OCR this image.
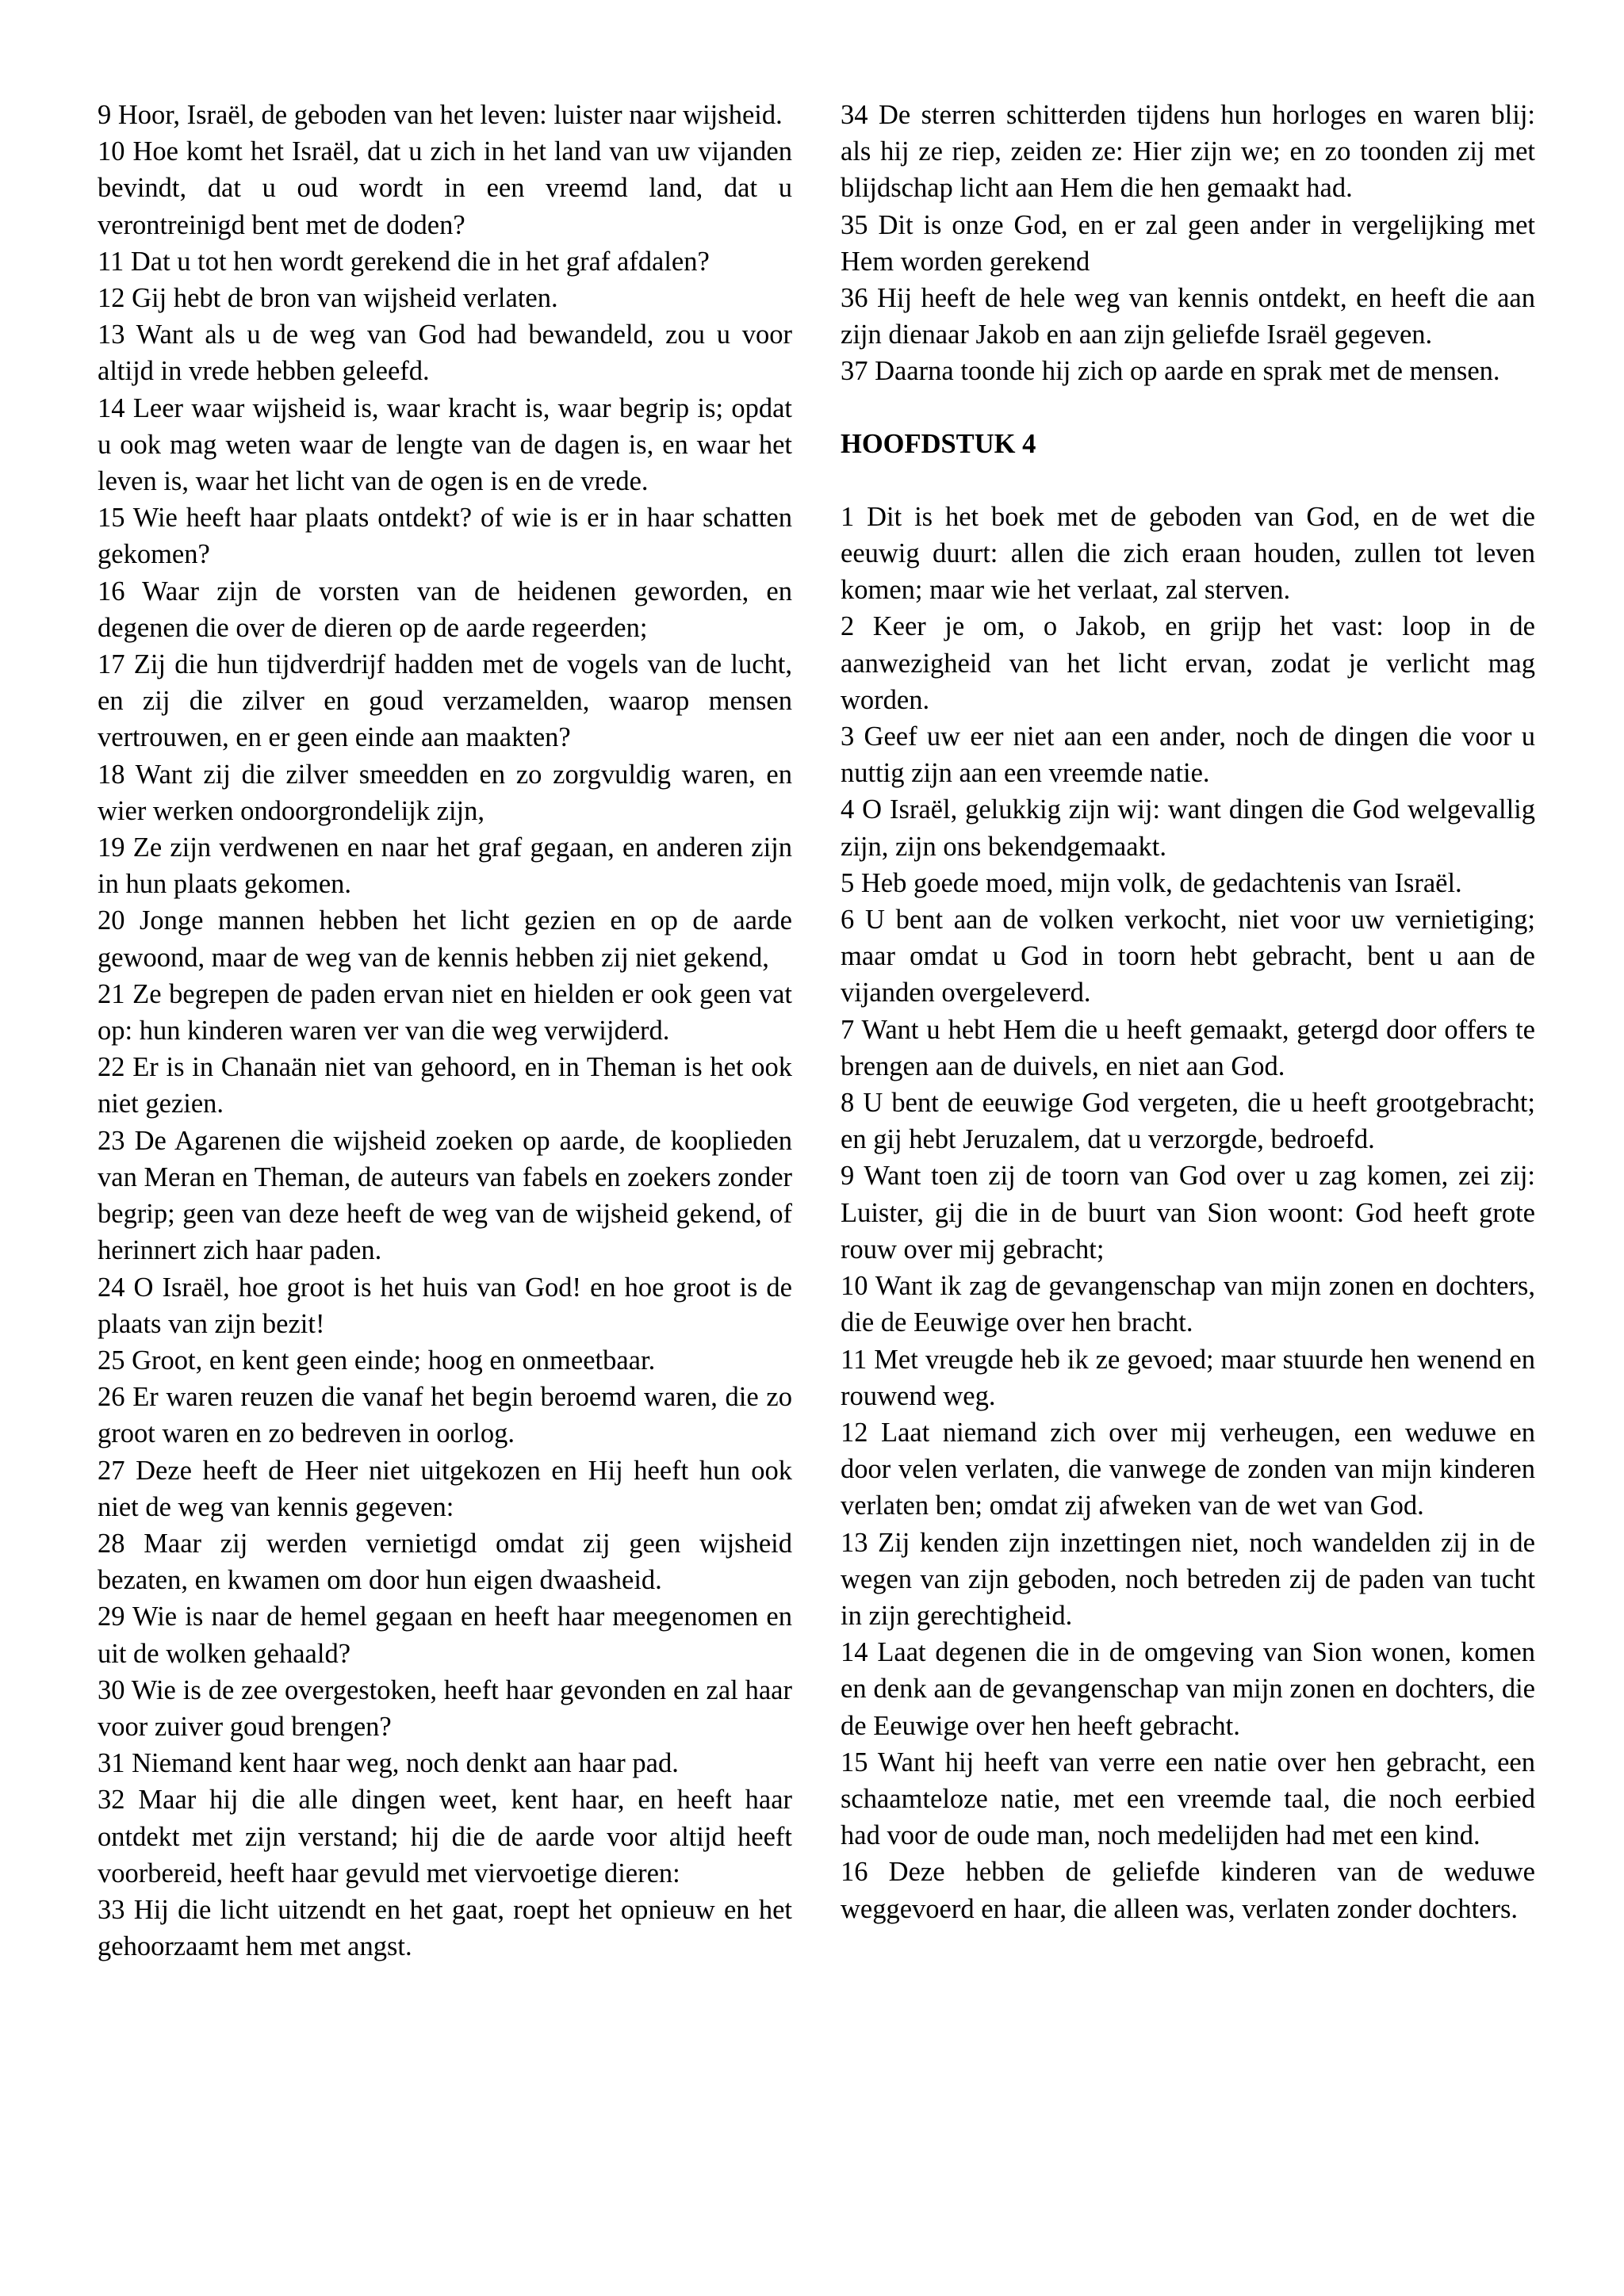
9 Hoor, Israël, de geboden van het leven: luister naar wijsheid.

10 Hoe komt het Israël, dat u zich in het land van uw vijanden bevindt, dat u oud wordt in een vreemd land, dat u verontreinigd bent met de doden?

11 Dat u tot hen wordt gerekend die in het graf afdalen?

12 Gij hebt de bron van wijsheid verlaten.

13 Want als u de weg van God had bewandeld, zou u voor altijd in vrede hebben geleefd.

14 Leer waar wijsheid is, waar kracht is, waar begrip is; opdat u ook mag weten waar de lengte van de dagen is, en waar het leven is, waar het licht van de ogen is en de vrede.

15 Wie heeft haar plaats ontdekt? of wie is er in haar schatten gekomen?

16 Waar zijn de vorsten van de heidenen geworden, en degenen die over de dieren op de aarde regeerden;

17 Zij die hun tijdverdrijf hadden met de vogels van de lucht, en zij die zilver en goud verzamelden, waarop mensen vertrouwen, en er geen einde aan maakten?

18 Want zij die zilver smeedden en zo zorgvuldig waren, en wier werken ondoorgrondelijk zijn,

19 Ze zijn verdwenen en naar het graf gegaan, en anderen zijn in hun plaats gekomen.

20 Jonge mannen hebben het licht gezien en op de aarde gewoond, maar de weg van de kennis hebben zij niet gekend,

21 Ze begrepen de paden ervan niet en hielden er ook geen vat op: hun kinderen waren ver van die weg verwijderd.

22 Er is in Chanaän niet van gehoord, en in Theman is het ook niet gezien.

23 De Agarenen die wijsheid zoeken op aarde, de kooplieden van Meran en Theman, de auteurs van fabels en zoekers zonder begrip; geen van deze heeft de weg van de wijsheid gekend, of herinnert zich haar paden.

24 O Israël, hoe groot is het huis van God! en hoe groot is de plaats van zijn bezit!

25 Groot, en kent geen einde; hoog en onmeetbaar.

26 Er waren reuzen die vanaf het begin beroemd waren, die zo groot waren en zo bedreven in oorlog.

27 Deze heeft de Heer niet uitgekozen en Hij heeft hun ook niet de weg van kennis gegeven:

28 Maar zij werden vernietigd omdat zij geen wijsheid bezaten, en kwamen om door hun eigen dwaasheid.

29 Wie is naar de hemel gegaan en heeft haar meegenomen en uit de wolken gehaald?

30 Wie is de zee overgestoken, heeft haar gevonden en zal haar voor zuiver goud brengen?

31 Niemand kent haar weg, noch denkt aan haar pad.

32 Maar hij die alle dingen weet, kent haar, en heeft haar ontdekt met zijn verstand; hij die de aarde voor altijd heeft voorbereid, heeft haar gevuld met viervoetige dieren:

33 Hij die licht uitzendt en het gaat, roept het opnieuw en het gehoorzaamt hem met angst.

34 De sterren schitterden tijdens hun horloges en waren blij: als hij ze riep, zeiden ze: Hier zijn we; en zo toonden zij met blijdschap licht aan Hem die hen gemaakt had.

35 Dit is onze God, en er zal geen ander in vergelijking met Hem worden gerekend

36 Hij heeft de hele weg van kennis ontdekt, en heeft die aan zijn dienaar Jakob en aan zijn geliefde Israël gegeven.

37 Daarna toonde hij zich op aarde en sprak met de mensen.

HOOFDSTUK 4

1 Dit is het boek met de geboden van God, en de wet die eeuwig duurt: allen die zich eraan houden, zullen tot leven komen; maar wie het verlaat, zal sterven.

2 Keer je om, o Jakob, en grijp het vast: loop in de aanwezigheid van het licht ervan, zodat je verlicht mag worden.

3 Geef uw eer niet aan een ander, noch de dingen die voor u nuttig zijn aan een vreemde natie.

4 O Israël, gelukkig zijn wij: want dingen die God welgevallig zijn, zijn ons bekendgemaakt.

5 Heb goede moed, mijn volk, de gedachtenis van Israël.

6 U bent aan de volken verkocht, niet voor uw vernietiging; maar omdat u God in toorn hebt gebracht, bent u aan de vijanden overgeleverd.

7 Want u hebt Hem die u heeft gemaakt, getergd door offers te brengen aan de duivels, en niet aan God.

8 U bent de eeuwige God vergeten, die u heeft grootgebracht; en gij hebt Jeruzalem, dat u verzorgde, bedroefd.

9 Want toen zij de toorn van God over u zag komen, zei zij: Luister, gij die in de buurt van Sion woont: God heeft grote rouw over mij gebracht;

10 Want ik zag de gevangenschap van mijn zonen en dochters, die de Eeuwige over hen bracht.

11 Met vreugde heb ik ze gevoed; maar stuurde hen wenend en rouwend weg.

12 Laat niemand zich over mij verheugen, een weduwe en door velen verlaten, die vanwege de zonden van mijn kinderen verlaten ben; omdat zij afweken van de wet van God.

13 Zij kenden zijn inzettingen niet, noch wandelden zij in de wegen van zijn geboden, noch betreden zij de paden van tucht in zijn gerechtigheid.

14 Laat degenen die in de omgeving van Sion wonen, komen en denk aan de gevangenschap van mijn zonen en dochters, die de Eeuwige over hen heeft gebracht.

15 Want hij heeft van verre een natie over hen gebracht, een schaamteloze natie, met een vreemde taal, die noch eerbied had voor de oude man, noch medelijden had met een kind.

16 Deze hebben de geliefde kinderen van de weduwe weggevoerd en haar, die alleen was, verlaten zonder dochters.
